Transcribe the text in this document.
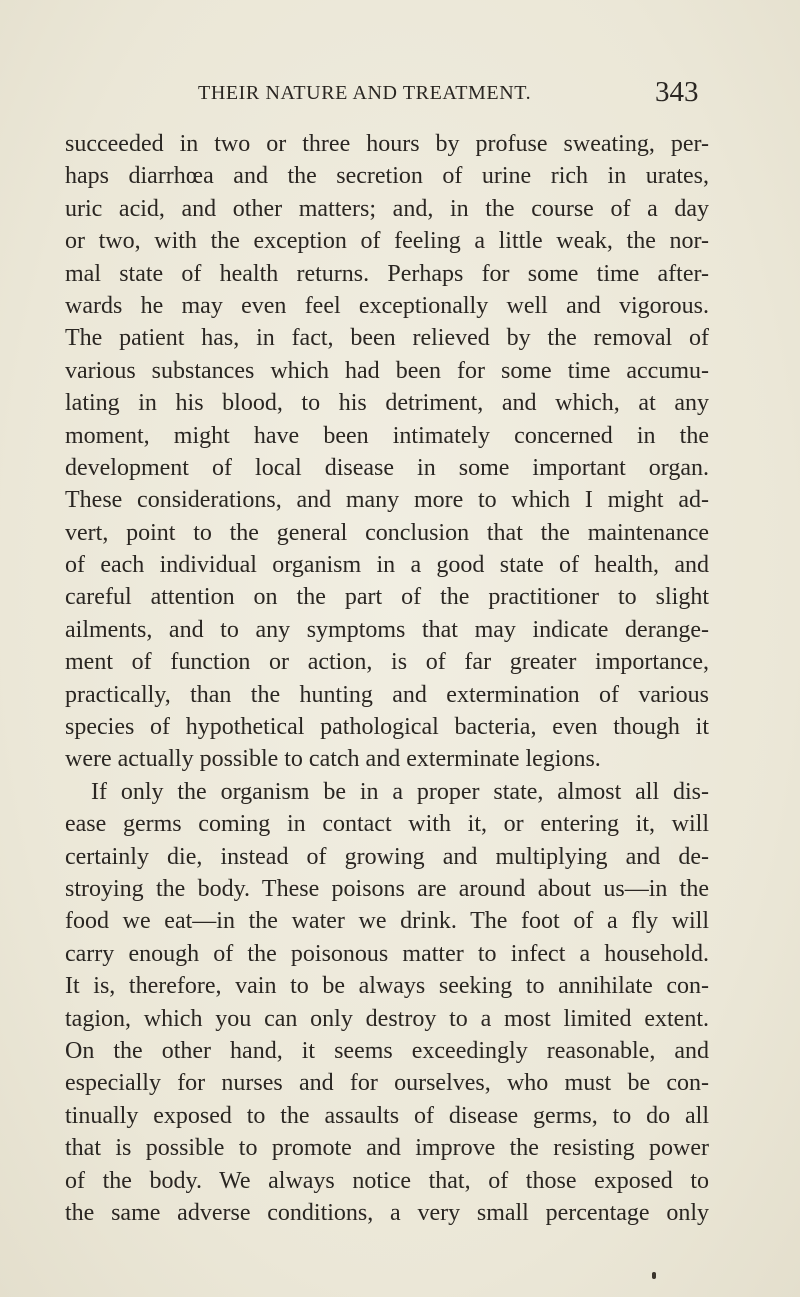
THEIR NATURE AND TREATMENT.	343
succeeded in two or three hours by profuse sweating, per-
haps diarrhœa and the secretion of urine rich in urates,
uric acid, and other matters; and, in the course of a day
or two, with the exception of feeling a little weak, the nor-
mal state of health returns. Perhaps for some time after-
wards he may even feel exceptionally well and vigorous.
The patient has, in fact, been relieved by the removal of
various substances which had been for some time accumu-
lating in his blood, to his detriment, and which, at any
moment, might have been intimately concerned in the
development of local disease in some important organ.
These considerations, and many more to which I might ad-
vert, point to the general conclusion that the maintenance
of each individual organism in a good state of health, and
careful attention on the part of the practitioner to slight
ailments, and to any symptoms that may indicate derange-
ment of function or action, is of far greater importance,
practically, than the hunting and extermination of various
species of hypothetical pathological bacteria, even though it
were actually possible to catch and exterminate legions.
If only the organism be in a proper state, almost all dis-
ease germs coming in contact with it, or entering it, will
certainly die, instead of growing and multiplying and de-
stroying the body. These poisons are around about us—in the
food we eat—in the water we drink. The foot of a fly will
carry enough of the poisonous matter to infect a household.
It is, therefore, vain to be always seeking to annihilate con-
tagion, which you can only destroy to a most limited extent.
On the other hand, it seems exceedingly reasonable, and
especially for nurses and for ourselves, who must be con-
tinually exposed to the assaults of disease germs, to do all
that is possible to promote and improve the resisting power
of the body. We always notice that, of those exposed to
the same adverse conditions, a very small percentage only
